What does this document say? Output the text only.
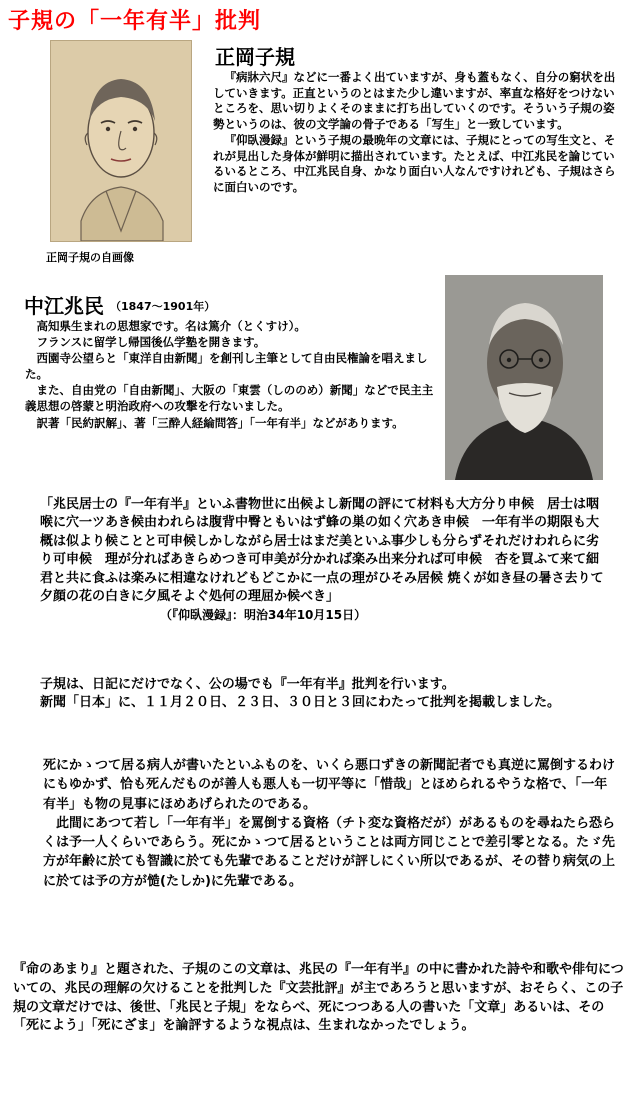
子規の「一年有半」批判
正岡子規の自画像
正岡子規

『病牀六尺』などに一番よく出ていますが、身も蓋もなく、自分の窮状を出していきます。正直というのとはまた少し違いますが、率直な格好をつけないところを、思い切りよくそのままに打ち出していくのです。そういう子規の姿勢というのは、彼の文学論の骨子である「写生」と一致しています。

『仰臥漫録』という子規の最晩年の文章には、子規にとっての写生文と、それが見出した身体が鮮明に描出されています。たとえば、中江兆民を論じているいるところ、中江兆民自身、かなり面白い人なんですけれども、子規はさらに面白いのです。

中江兆民 （1847～1901年）

高知県生まれの思想家です。名は篤介（とくすけ）。

フランスに留学し帰国後仏学塾を開きます。

西園寺公望らと「東洋自由新聞」を創刊し主筆として自由民権論を唱えました。

また、自由党の「自由新聞」、大阪の「東雲（しののめ）新聞」などで民主主義思想の啓蒙と明治政府への攻撃を行ないました。

訳著「民約訳解」、著「三酔人経綸問答」「一年有半」などがあります。

「兆民居士の『一年有半』といふ書物世に出候よし新聞の評にて材料も大方分り申候　居士は咽喉に穴一ツあき候由われらは腹背中臀ともいはず蜂の巣の如く穴あき申候　一年有半の期限も大概は似より候ことと可申候しかしながら居士はまだ美といふ事少しも分らずそれだけわれらに劣り可申候　理が分ればあきらめつき可申美が分かれば楽み出来分れば可申候　杏を買ふて来て細君と共に食ふは楽みに相違なけれどもどこかに一点の理がひそみ居候 焼くが如き昼の暑さ去りて夕顔の花の白きに夕風そよぐ処何の理屈か候べき」（『仰臥漫録』：明治34年10月15日）

子規は、日記にだけでなく、公の場でも『一年有半』批判を行います。

新聞「日本」に、１１月２０日、２３日、３０日と３回にわたって批判を掲載しました。

死にかゝつて居る病人が書いたといふものを、いくら悪口ずきの新聞記者でも真逆に罵倒するわけにもゆかず、恰も死んだものが善人も悪人も一切平等に「惜哉」とほめられるやうな格で、「一年有半」も物の見事にほめあげられたのである。

此間にあつて若し「一年有半」を罵倒する資格（チト変な資格だが）があるものを尋ねたら恐らくは予一人くらいであらう。死にかゝつて居るということは両方同じことで差引零となる。たゞ先方が年齢に於ても智識に於ても先輩であることだけが評しにくい所以であるが、その替り病気の上に於ては予の方が慥(たしか)に先輩である。

『命のあまり』と題された、子規のこの文章は、兆民の『一年有半』の中に書かれた詩や和歌や俳句についての、兆民の理解の欠けることを批判した『文芸批評』が主であろうと思いますが、おそらく、この子規の文章だけでは、後世、「兆民と子規」をならべ、死につつある人の書いた「文章」あるいは、その「死によう」「死にざま」を論評するような視点は、生まれなかったでしょう。
